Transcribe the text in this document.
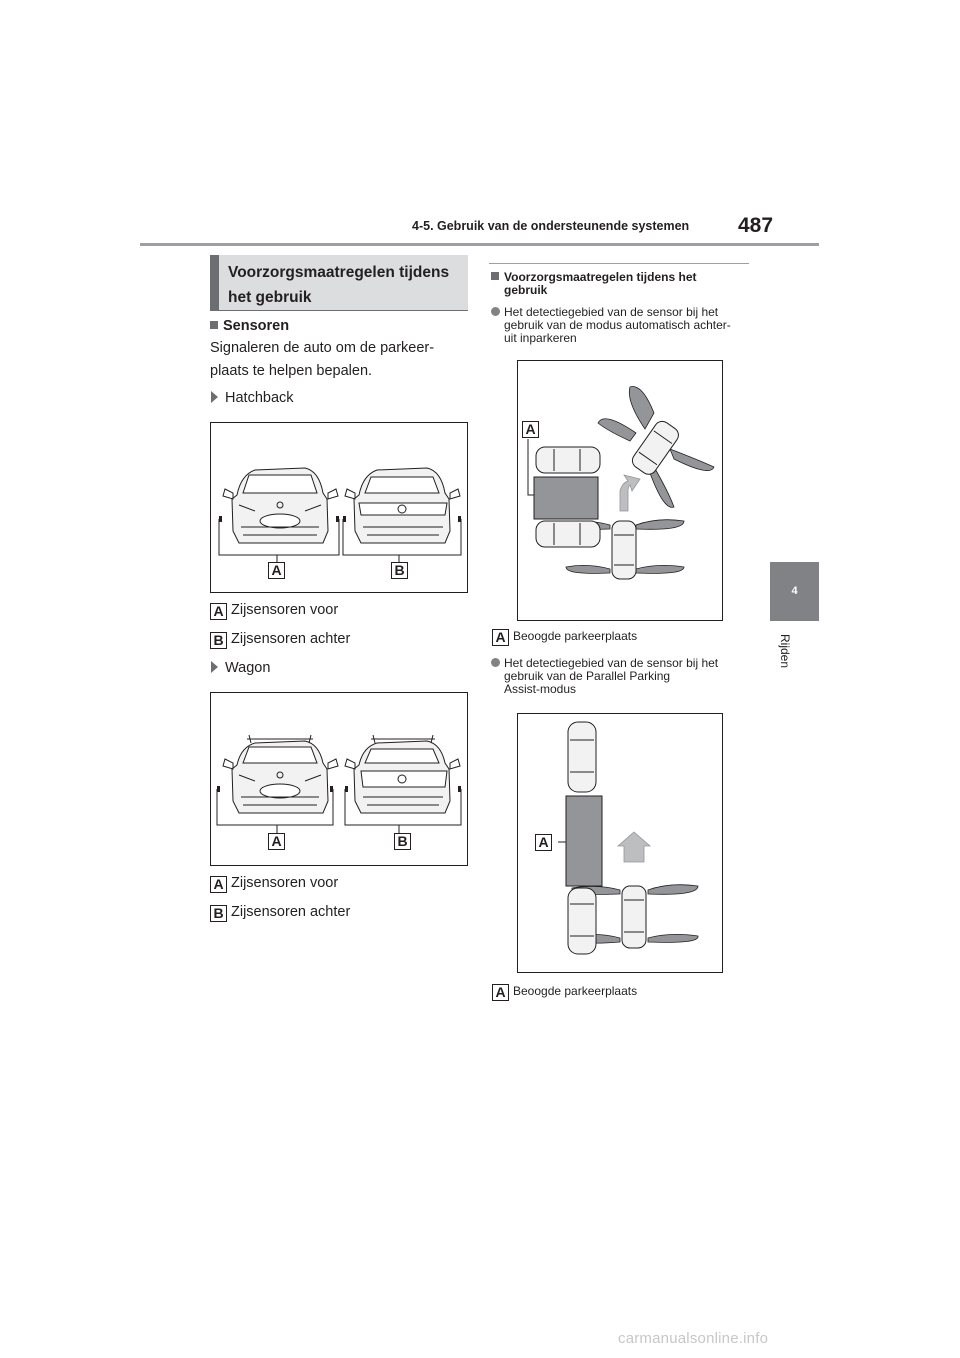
4-5. Gebruik van de ondersteunende systemen 487
4
Rijden
Voorzorgsmaatregelen tijdens
het gebruik
Sensoren
Signaleren de auto om de parkeer-
plaats te helpen bepalen.
Hatchback
A	B
A Zijsensoren voor
B Zijsensoren achter
Wagon
A	B
A Zijsensoren voor
B Zijsensoren achter
Voorzorgsmaatregelen tijdens het
gebruik
Het detectiegebied van de sensor bij het
gebruik van de modus automatisch achter-
uit inparkeren
A
A Beoogde parkeerplaats
Het detectiegebied van de sensor bij het
gebruik van de Parallel Parking
Assist-modus
A
A Beoogde parkeerplaats
carmanualsonline.info
